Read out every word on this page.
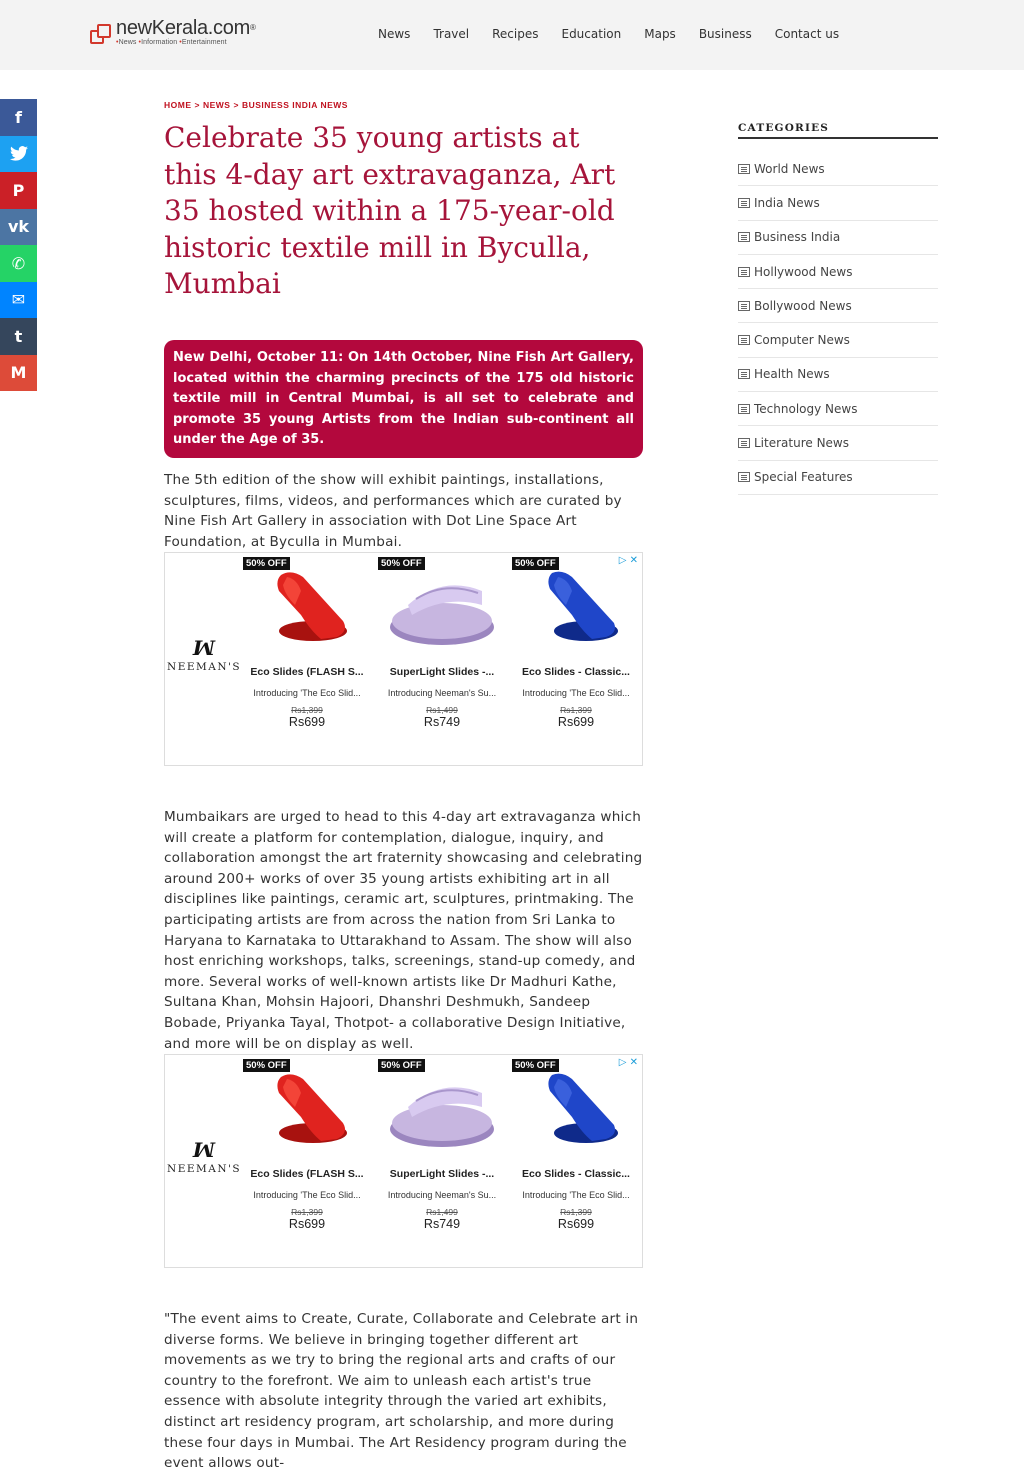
newKerala.com®
•News •Information •Entertainment
News Travel Recipes Education Maps Business Contact us
f
P
vk
✆
✉
t
M
HOME > NEWS > BUSINESS INDIA NEWS
Celebrate 35 young artists at this 4-day art extravaganza, Art 35 hosted within a 175-year-old historic textile mill in Byculla, Mumbai
New Delhi, October 11: On 14th October, Nine Fish Art Gallery, located within the charming precincts of the 175 old historic textile mill in Central Mumbai, is all set to celebrate and promote 35 young Artists from the Indian sub-continent all under the Age of 35.

The 5th edition of the show will exhibit paintings, installations, sculptures, films, videos, and performances which are curated by Nine Fish Art Gallery in association with Dot Line Space Art Foundation, at Byculla in Mumbai.

▷ ✕
ꟽ
NEEMAN'S
50% OFF
Eco Slides (FLASH S...
Introducing 'The Eco Slid...
Rs1,399
Rs699
50% OFF
SuperLight Slides -...
Introducing Neeman's Su...
Rs1,499
Rs749
50% OFF
Eco Slides - Classic...
Introducing 'The Eco Slid...
Rs1,399
Rs699

Mumbaikars are urged to head to this 4-day art extravaganza which will create a platform for contemplation, dialogue, inquiry, and collaboration amongst the art fraternity showcasing and celebrating around 200+ works of over 35 young artists exhibiting art in all disciplines like paintings, ceramic art, sculptures, printmaking. The participating artists are from across the nation from Sri Lanka to Haryana to Karnataka to Uttarakhand to Assam. The show will also host enriching workshops, talks, screenings, stand-up comedy, and more. Several works of well-known artists like Dr Madhuri Kathe, Sultana Khan, Mohsin Hajoori, Dhanshri Deshmukh, Sandeep Bobade, Priyanka Tayal, Thotpot- a collaborative Design Initiative, and more will be on display as well.

▷ ✕
ꟽ
NEEMAN'S
50% OFF
Eco Slides (FLASH S...
Introducing 'The Eco Slid...
Rs1,399
Rs699
50% OFF
SuperLight Slides -...
Introducing Neeman's Su...
Rs1,499
Rs749
50% OFF
Eco Slides - Classic...
Introducing 'The Eco Slid...
Rs1,399
Rs699

"The event aims to Create, Curate, Collaborate and Celebrate art in diverse forms. We believe in bringing together different art movements as we try to bring the regional arts and crafts of our country to the forefront. We aim to unleash each artist's true essence with absolute integrity through the varied art exhibits, distinct art residency program, art scholarship, and more during these four days in Mumbai. The Art Residency program during the event allows out-

CATEGORIES
World News
India News
Business India
Hollywood News
Bollywood News
Computer News
Health News
Technology News
Literature News
Special Features
